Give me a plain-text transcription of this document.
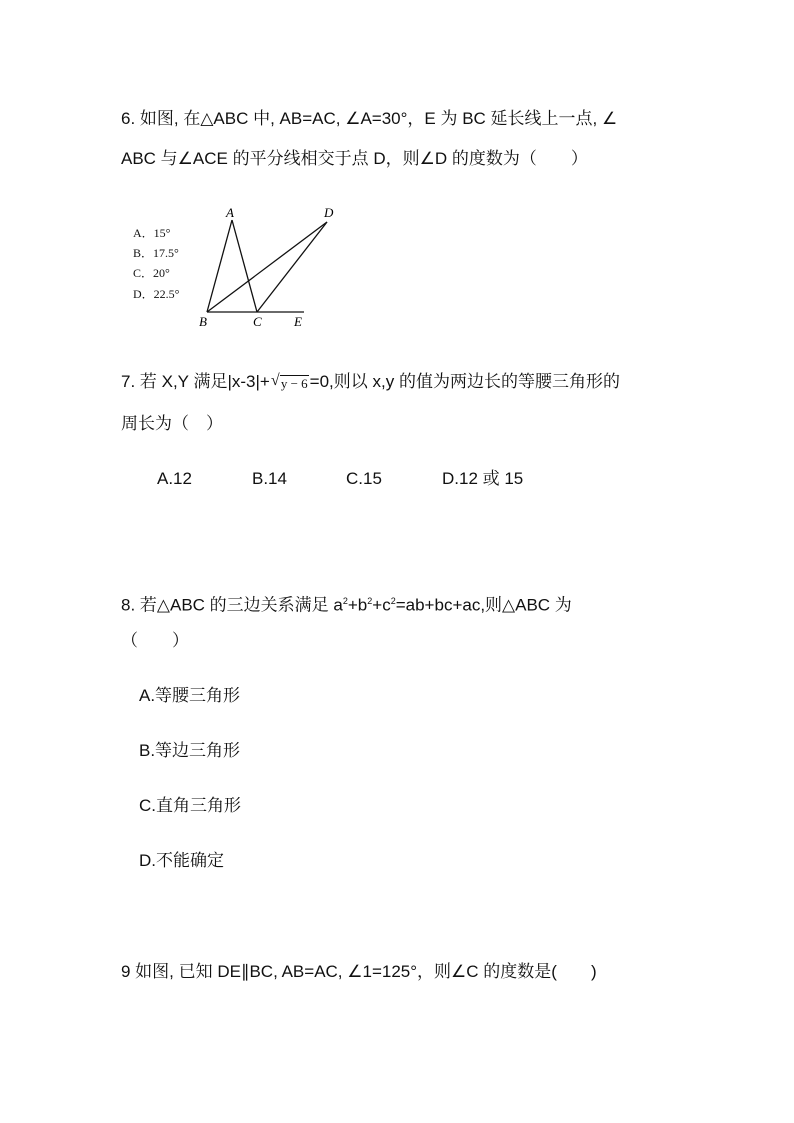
6. 如图, 在△ABC 中, AB=AC, ∠A=30°，E 为 BC 延长线上一点, ∠
ABC 与∠ACE 的平分线相交于点 D，则∠D 的度数为（　　）
A．15°
B．17.5°
C．20°
D．22.5°
A	D
B	C E
7. 若 X,Y 满足|x-3|+ √ y − 6 =0,则以 x,y 的值为两边长的等腰三角形的
周长为（　）
A.12	B.14	C.15	D.12 或 15
8. 若△ABC 的三边关系满足 $a^2+b^2+c^2=ab+bc+ac$,则△ABC 为
（　　）
A.等腰三角形
B.等边三角形
C.直角三角形
D.不能确定
9 如图, 已知 DE∥BC, AB=AC, ∠1=125°，则∠C 的度数是(　　)
